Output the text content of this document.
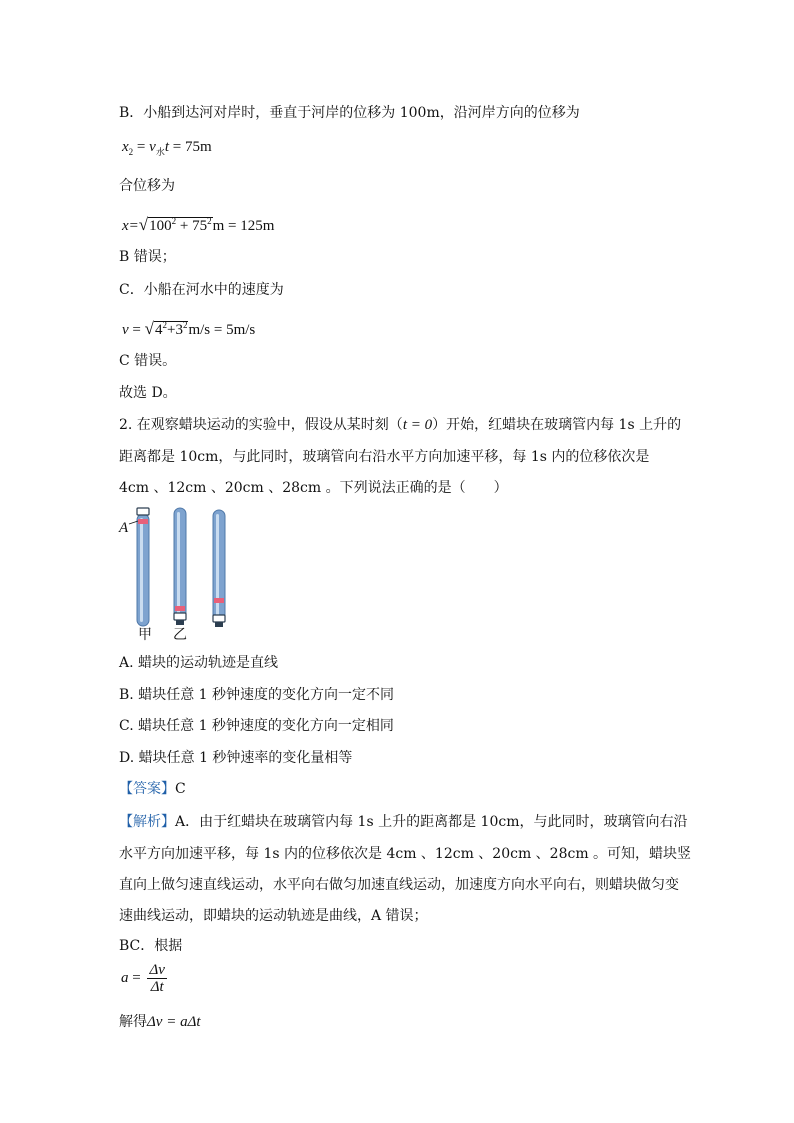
B．小船到达河对岸时，垂直于河岸的位移为 100m，沿河岸方向的位移为
$x_2 = v_水t = 75m$
合位移为
$x=√100^2 + 75^2m = 125m$
B 错误；
C．小船在河水中的速度为
$v = √4^2+3^2m/s = 5m/s$
C 错误。
故选 D。
2. 在观察蜡块运动的实验中，假设从某时刻（t = 0）开始，红蜡块在玻璃管内每 1s 上升的
距离都是 10cm，与此同时，玻璃管向右沿水平方向加速平移，每 1s 内的位移依次是
4cm 、12cm 、20cm 、28cm 。下列说法正确的是（　　）
A
甲 乙
A. 蜡块的运动轨迹是直线
B. 蜡块任意 1 秒钟速度的变化方向一定不同
C. 蜡块任意 1 秒钟速度的变化方向一定相同
D. 蜡块任意 1 秒钟速率的变化量相等
【答案】C
【解析】A．由于红蜡块在玻璃管内每 1s 上升的距离都是 10cm，与此同时，玻璃管向右沿
水平方向加速平移，每 1s 内的位移依次是 4cm 、12cm 、20cm 、28cm 。可知，蜡块竖
直向上做匀速直线运动，水平向右做匀加速直线运动，加速度方向水平向右，则蜡块做匀变
速曲线运动，即蜡块的运动轨迹是曲线，A 错误；
BC．根据
$a = \frac{\Delta v}{\Delta t}$
解得Δv = aΔt
